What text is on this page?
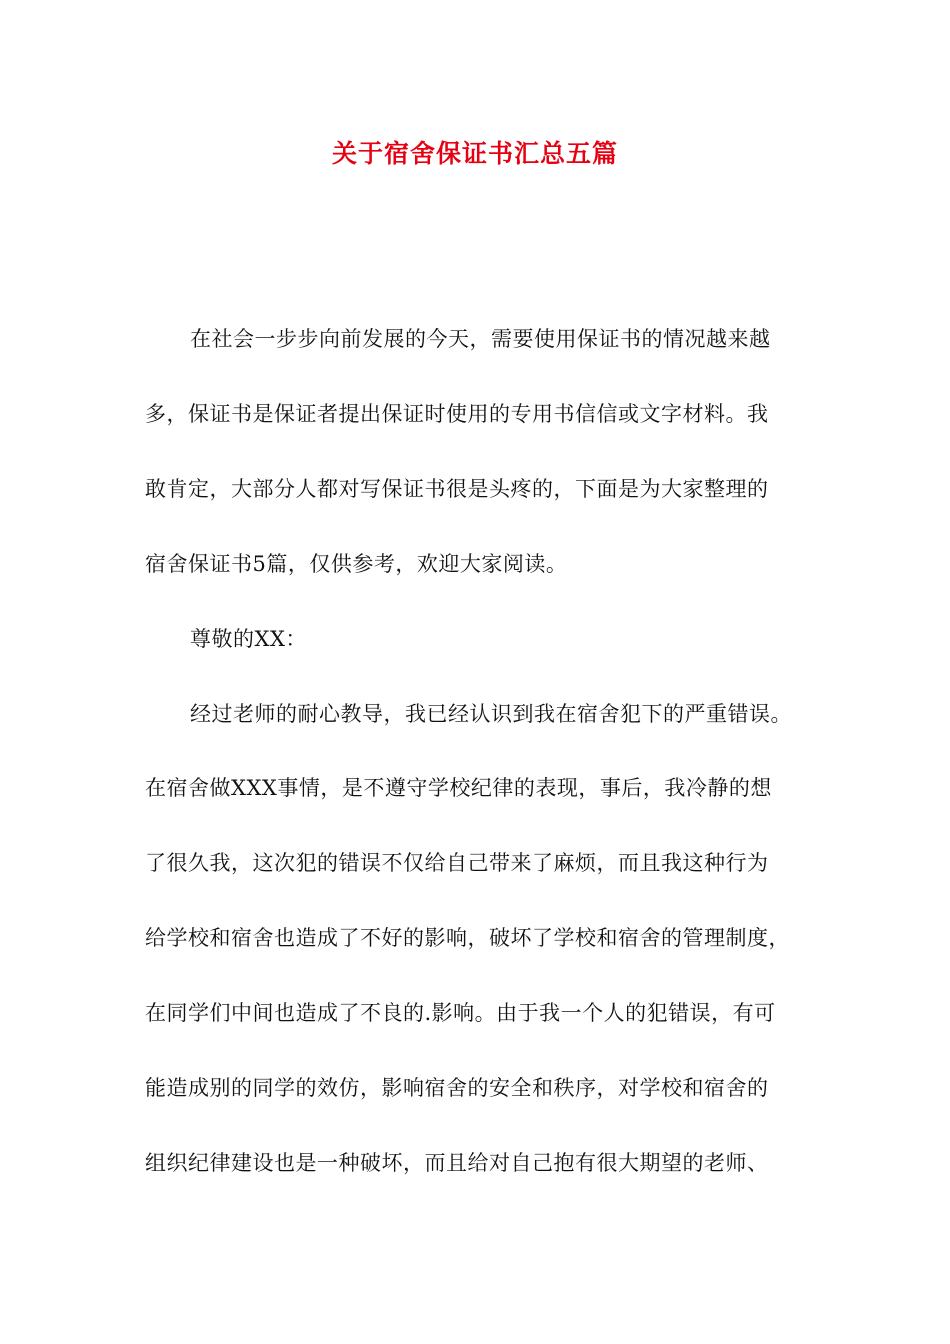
关于宿舍保证书汇总五篇

在社会一步步向前发展的今天，需要使用保证书的情况越来越

多，保证书是保证者提出保证时使用的专用书信信或文字材料。我

敢肯定，大部分人都对写保证书很是头疼的，下面是为大家整理的

宿舍保证书5篇，仅供参考，欢迎大家阅读。

尊敬的XX：

经过老师的耐心教导，我已经认识到我在宿舍犯下的严重错误。

在宿舍做XXX事情，是不遵守学校纪律的表现，事后，我冷静的想

了很久我，这次犯的错误不仅给自己带来了麻烦，而且我这种行为

给学校和宿舍也造成了不好的影响，破坏了学校和宿舍的管理制度，

在同学们中间也造成了不良的.影响。由于我一个人的犯错误，有可

能造成别的同学的效仿，影响宿舍的安全和秩序，对学校和宿舍的

组织纪律建设也是一种破坏，而且给对自己抱有很大期望的老师、
